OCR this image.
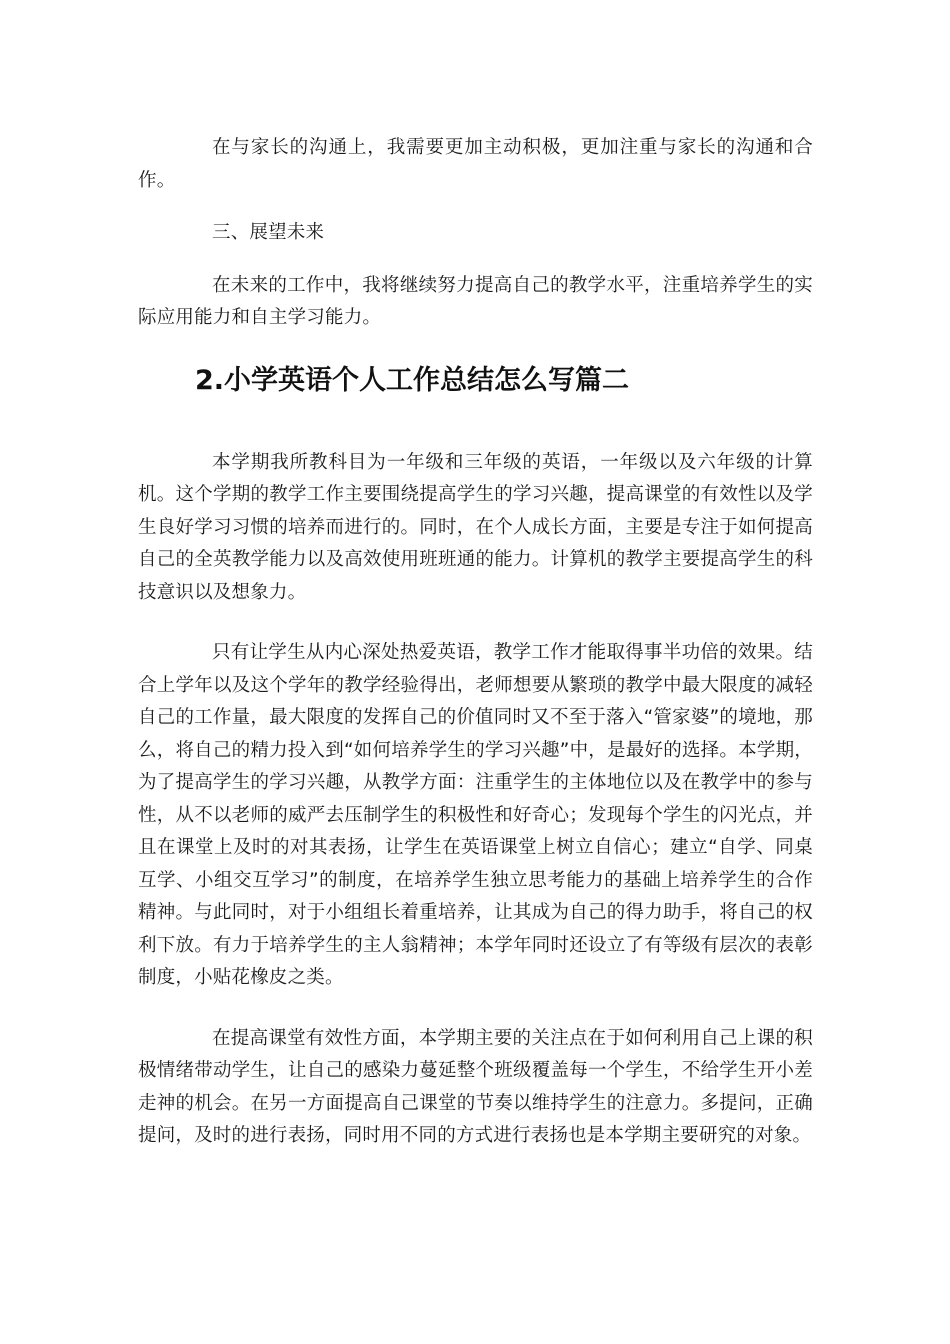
在与家长的沟通上，我需要更加主动积极，更加注重与家长的沟通和合作。

三、展望未来

在未来的工作中，我将继续努力提高自己的教学水平，注重培养学生的实际应用能力和自主学习能力。

2.小学英语个人工作总结怎么写篇二

本学期我所教科目为一年级和三年级的英语，一年级以及六年级的计算机。这个学期的教学工作主要围绕提高学生的学习兴趣，提高课堂的有效性以及学生良好学习习惯的培养而进行的。同时，在个人成长方面，主要是专注于如何提高自己的全英教学能力以及高效使用班班通的能力。计算机的教学主要提高学生的科技意识以及想象力。

只有让学生从内心深处热爱英语，教学工作才能取得事半功倍的效果。结合上学年以及这个学年的教学经验得出，老师想要从繁琐的教学中最大限度的减轻自己的工作量，最大限度的发挥自己的价值同时又不至于落入“管家婆”的境地，那么，将自己的精力投入到“如何培养学生的学习兴趣”中，是最好的选择。本学期，为了提高学生的学习兴趣，从教学方面：注重学生的主体地位以及在教学中的参与性，从不以老师的威严去压制学生的积极性和好奇心；发现每个学生的闪光点，并且在课堂上及时的对其表扬，让学生在英语课堂上树立自信心；建立“自学、同桌互学、小组交互学习”的制度，在培养学生独立思考能力的基础上培养学生的合作精神。与此同时，对于小组组长着重培养，让其成为自己的得力助手，将自己的权利下放。有力于培养学生的主人翁精神；本学年同时还设立了有等级有层次的表彰制度，小贴花橡皮之类。

在提高课堂有效性方面，本学期主要的关注点在于如何利用自己上课的积极情绪带动学生，让自己的感染力蔓延整个班级覆盖每一个学生，不给学生开小差走神的机会。在另一方面提高自己课堂的节奏以维持学生的注意力。多提问，正确提问，及时的进行表扬，同时用不同的方式进行表扬也是本学期主要研究的对象。
